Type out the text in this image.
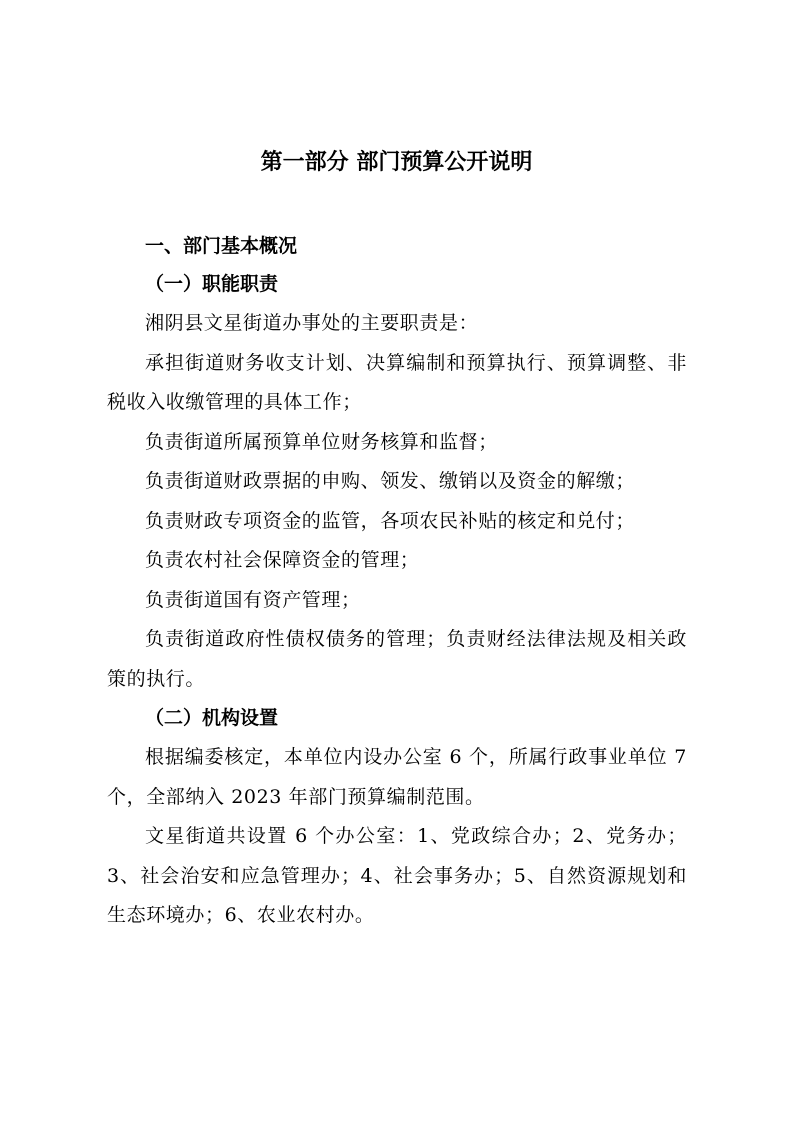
第一部分 部门预算公开说明
一、部门基本概况
（一）职能职责

湘阴县文星街道办事处的主要职责是：

承担街道财务收支计划、决算编制和预算执行、预算调整、非税收入收缴管理的具体工作；

负责街道所属预算单位财务核算和监督；

负责街道财政票据的申购、领发、缴销以及资金的解缴；

负责财政专项资金的监管，各项农民补贴的核定和兑付；

负责农村社会保障资金的管理；

负责街道国有资产管理；

负责街道政府性债权债务的管理；负责财经法律法规及相关政策的执行。

（二）机构设置

根据编委核定，本单位内设办公室 6 个，所属行政事业单位 7 个，全部纳入 2023 年部门预算编制范围。

文星街道共设置 6 个办公室：1、党政综合办；2、党务办；3、社会治安和应急管理办；4、社会事务办；5、自然资源规划和生态环境办；6、农业农村办。
